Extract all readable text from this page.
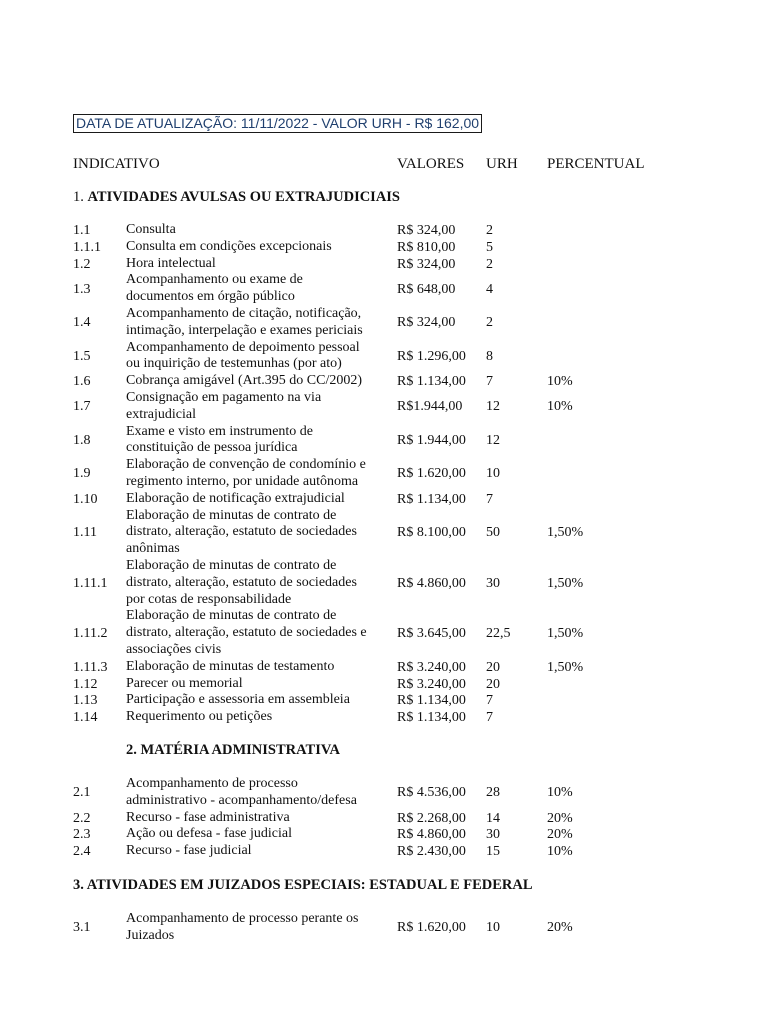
DATA DE ATUALIZAÇÃO: 11/11/2022 - VALOR URH - R$ 162,00
INDICATIVO	VALORES URH PERCENTUAL
1. ATIVIDADES AVULSAS OU EXTRAJUDICIAIS
1.1	Consulta	R$ 324,00 2
1.1.1 Consulta em condições excepcionais	R$ 810,00 5
1.2	Hora intelectual	R$ 324,00 2
1.3
Acompanhamento ou exame de
documentos em órgão público	R$ 648,00 4
1.4
Acompanhamento de citação, notificação,
intimação, interpelação e exames periciais	R$ 324,00 2
1.5
Acompanhamento de depoimento pessoal
ou inquirição de testemunhas (por ato)	R$ 1.296,00 8
1.6	Cobrança amigável (Art.395 do CC/2002)	R$ 1.134,00 7	10%
1.7
Consignação em pagamento na via
extrajudicial	R$1.944,00 12	10%
1.8
Exame e visto em instrumento de
constituição de pessoa jurídica	R$ 1.944,00 12
1.9
Elaboração de convenção de condomínio e
regimento interno, por unidade autônoma	R$ 1.620,00 10
1.10 Elaboração de notificação extrajudicial	R$ 1.134,00 7
1.11
Elaboração de minutas de contrato de
distrato, alteração, estatuto de sociedades
anônimas
R$ 8.100,00 50	1,50%
1.11.1
Elaboração de minutas de contrato de
distrato, alteração, estatuto de sociedades
por cotas de responsabilidade
R$ 4.860,00 30	1,50%
1.11.2
Elaboração de minutas de contrato de
distrato, alteração, estatuto de sociedades e
associações civis
R$ 3.645,00 22,5	1,50%
1.11.3 Elaboração de minutas de testamento	R$ 3.240,00 20	1,50%
1.12 Parecer ou memorial	R$ 3.240,00 20
1.13 Participação e assessoria em assembleia	R$ 1.134,00 7
1.14 Requerimento ou petições	R$ 1.134,00 7
2. MATÉRIA ADMINISTRATIVA
2.1
Acompanhamento de processo
administrativo - acompanhamento/defesa	R$ 4.536,00 28	10%
2.2	Recurso - fase administrativa	R$ 2.268,00 14	20%
2.3	Ação ou defesa - fase judicial	R$ 4.860,00 30	20%
2.4	Recurso - fase judicial	R$ 2.430,00 15	10%
3. ATIVIDADES EM JUIZADOS ESPECIAIS: ESTADUAL E FEDERAL
3.1
Acompanhamento de processo perante os
Juizados	R$ 1.620,00 10	20%
